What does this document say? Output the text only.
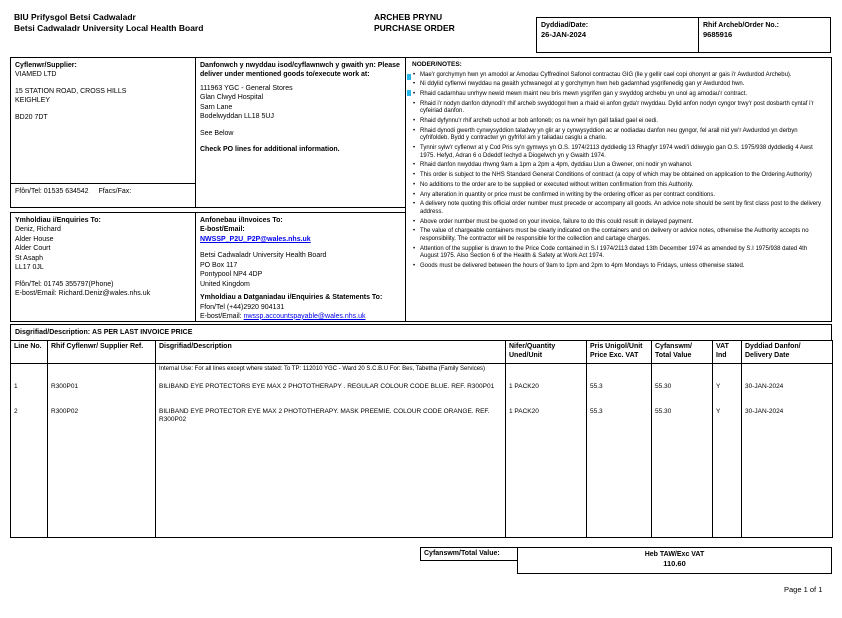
BIU Prifysgol Betsi Cadwaladr
Betsi Cadwaladr University Local Health Board
ARCHEB PRYNU
PURCHASE ORDER	Dyddiad/Date:
26-JAN-2024
Rhif Archeb/Order No.:
9685916
Cyflenwr/Supplier:
VIAMED LTD
15 STATION ROAD, CROSS HILLS
KEIGHLEY
BD20 7DT
Ffôn/Tel: 01535 634542 Ffacs/Fax:
Danfonwch y nwyddau isod/cyflawnwch y gwaith yn: Please deliver under mentioned goods to/execute work at:
111963 YGC - General Stores
Glan Clwyd Hospital
Sarn Lane
Bodelwyddan LL18 5UJ
See Below
Check PO lines for additional information.
NODER/NOTES:
• Mae'r gorchymyn hwn yn amodol ar Amodau Cyffredinol Safonol contractau GIG (lle y gellir cael copi ohonynt ar gais i'r Awdurdod Archebu).
• Ni ddylid cyflenwi nwyddau na gwaith ychwanegol at y gorchymyn hwn heb gadarnhad ysgrifenedig gan yr Awdurdod hwn.
• Rhaid cadarnhau unrhyw newid mewn maint neu bris mewn ysgrifen gan y swyddog archebu yn unol ag amodau'r contract.
• Rhaid i'r nodyn danfon ddynodi'r rhif archeb swyddogol hwn a rhaid ei anfon gyda'r nwyddau. Dylid anfon nodyn cyngor trwy'r post dosbarth cyntaf i'r cyfeiriad danfon.
• Rhaid dyfynnu'r rhif archeb uchod ar bob anfoneb; os na wneir hyn gall taliad gael ei oedi.
• Rhaid dynodi gwerth cynwysyddion taladwy yn glir ar y cynwysyddion ac ar nodiadau danfon neu gyngor, fel arall nid yw'r Awdurdod yn derbyn cyfrifoldeb. Bydd y contractwr yn gyfrifol am y taliadau casglu a chario.
• Tynnir sylw'r cyflenwr at y Cod Pris sy'n gymwys yn O.S. 1974/2113 dyddiedig 13 Rhagfyr 1974 wedi'i ddiwygio gan O.S. 1975/938 dyddiedig 4 Awst 1975. Hefyd, Adran 6 o Ddeddf Iechyd a Diogelwch yn y Gwaith 1974.
• Rhaid danfon nwyddau rhwng 9am a 1pm a 2pm a 4pm, dyddiau Llun a Gwener, oni nodir yn wahanol.
• This order is subject to the NHS Standard General Conditions of contract (a copy of which may be obtained on application to the Ordering Authority)
• No additions to the order are to be supplied or executed without written confirmation from this Authority.
• Any alteration in quantity or price must be confirmed in writing by the ordering officer as per contract conditions.
• A delivery note quoting this official order number must precede or accompany all goods. An advice note should be sent by first class post to the delivery address.
• Above order number must be quoted on your invoice, failure to do this could result in delayed payment.
• The value of chargeable containers must be clearly indicated on the containers and on delivery or advice notes, otherwise the Authority accepts no responsibility. The contractor will be responsible for the collection and cartage charges.
• Attention of the supplier is drawn to the Price Code contained in S.I 1974/2113 dated 13th December 1974 as amended by S.I 1975/938 dated 4th August 1975. Also Section 6 of the Health & Safety at Work Act 1974.
• Goods must be delivered between the hours of 9am to 1pm and 2pm to 4pm Mondays to Fridays, unless otherwise stated.
Ymholdiau i/Enquiries To:
Deniz, Richard
Alder House
Alder Court
St Asaph
LL17 0JL
Ffôn/Tel: 01745 355797(Phone)
E-bost/Email: Richard.Deniz@wales.nhs.uk
Anfonebau i/Invoices To:
E-bost/Email:
NWSSP_P2U_P2P@wales.nhs.uk
Betsi Cadwaladr University Health Board
PO Box 117
Pontypool NP4 4DP
United Kingdom
Ymholdiau a Datganiadau i/Enquiries & Statements To:
Ffon/Tel (+44)2920 904131
E-bost/Email: nwssp.accountspayable@wales.nhs.uk
Disgrifiad/Description: AS PER LAST INVOICE PRICE
Line No.	Rhif Cyflenwr/ Supplier Ref.	Disgrifiad/Description	Nifer/Quantity Uned/Unit	Pris Unigol/Unit Price Exc. VAT	Cyfanswm/ Total Value	VAT Ind	Dyddiad Danfon/ Delivery Date
		Internal Use: For all lines except where stated: To TP: 112010 YGC - Ward 20 S.C.B.U For: Bes, Tabetha (Family Services)					
1	R300P01	BILIBAND EYE PROTECTORS EYE MAX 2 PHOTOTHERAPY . REGULAR COLOUR CODE BLUE. REF. R300P01	1 PACK20	55.3	55.30	Y	30-JAN-2024
2	R300P02	BILIBAND EYE PROTECTOR EYE MAX 2 PHOTOTHERAPY. MASK PREEMIE. COLOUR CODE ORANGE. REF. R300P02	1 PACK20	55.3	55.30	Y	30-JAN-2024

Cyfanswm/Total Value:	Heb TAW/Exc VAT
110.60
Page 1 of 1
